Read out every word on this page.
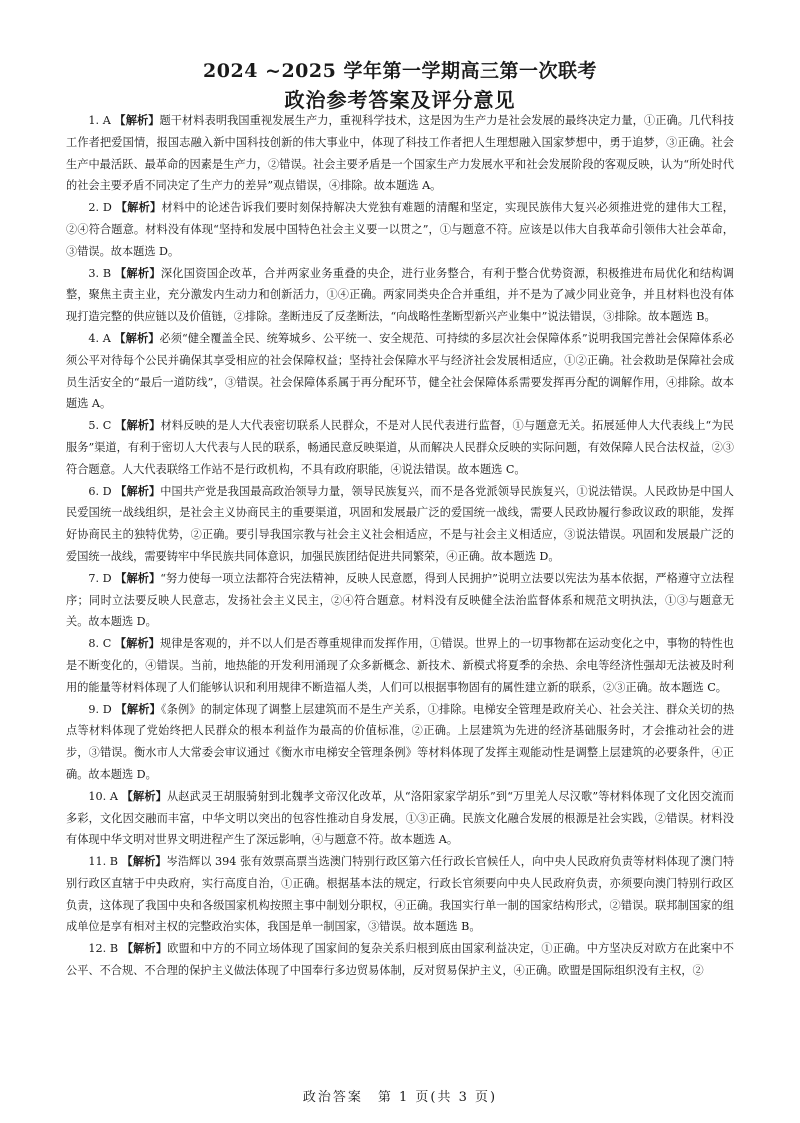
2024 ~2025 学年第一学期高三第一次联考
政治参考答案及评分意见

1. A 【解析】题干材料表明我国重视发展生产力，重视科学技术，这是因为生产力是社会发展的最终决定力量，①正确。几代科技工作者把爱国情，报国志融入新中国科技创新的伟大事业中，体现了科技工作者把人生理想融入国家梦想中，勇于追梦，③正确。社会生产中最活跃、最革命的因素是生产力，②错误。社会主要矛盾是一个国家生产力发展水平和社会发展阶段的客观反映，认为“所处时代的社会主要矛盾不同决定了生产力的差异”观点错误，④排除。故本题选 A。

2. D 【解析】材料中的论述告诉我们要时刻保持解决大党独有难题的清醒和坚定，实现民族伟大复兴必须推进党的建伟大工程，②④符合题意。材料没有体现“坚持和发展中国特色社会主义要一以贯之”，①与题意不符。应该是以伟大自我革命引领伟大社会革命，③错误。故本题选 D。

3. B 【解析】深化国资国企改革，合并两家业务重叠的央企，进行业务整合，有利于整合优势资源，积极推进布局优化和结构调整，聚焦主责主业，充分激发内生动力和创新活力，①④正确。两家同类央企合并重组，并不是为了减少同业竞争，并且材料也没有体现打造完整的供应链以及价值链，②排除。垄断违反了反垄断法，“向战略性垄断型新兴产业集中”说法错误，③排除。故本题选 B。

4. A 【解析】必须“健全覆盖全民、统筹城乡、公平统一、安全规范、可持续的多层次社会保障体系”说明我国完善社会保障体系必须公平对待每个公民并确保其享受相应的社会保障权益；坚持社会保障水平与经济社会发展相适应，①②正确。社会救助是保障社会成员生活安全的“最后一道防线”，③错误。社会保障体系属于再分配环节，健全社会保障体系需要发挥再分配的调解作用，④排除。故本题选 A。

5. C 【解析】材料反映的是人大代表密切联系人民群众，不是对人民代表进行监督，①与题意无关。拓展延伸人大代表线上“为民服务”渠道，有利于密切人大代表与人民的联系，畅通民意反映渠道，从而解决人民群众反映的实际问题，有效保障人民合法权益，②③符合题意。人大代表联络工作站不是行政机构，不具有政府职能，④说法错误。故本题选 C。

6. D 【解析】中国共产党是我国最高政治领导力量，领导民族复兴，而不是各党派领导民族复兴，①说法错误。人民政协是中国人民爱国统一战线组织，是社会主义协商民主的重要渠道，巩固和发展最广泛的爱国统一战线，需要人民政协履行参政议政的职能，发挥好协商民主的独特优势，②正确。要引导我国宗教与社会主义社会相适应，不是与社会主义相适应，③说法错误。巩固和发展最广泛的爱国统一战线，需要铸牢中华民族共同体意识，加强民族团结促进共同繁荣，④正确。故本题选 D。

7. D 【解析】“努力使每一项立法都符合宪法精神，反映人民意愿，得到人民拥护”说明立法要以宪法为基本依据，严格遵守立法程序；同时立法要反映人民意志，发扬社会主义民主，②④符合题意。材料没有反映健全法治监督体系和规范文明执法，①③与题意无关。故本题选 D。

8. C 【解析】规律是客观的，并不以人们是否尊重规律而发挥作用，①错误。世界上的一切事物都在运动变化之中，事物的特性也是不断变化的，④错误。当前，地热能的开发利用涌现了众多新概念、新技术、新模式将夏季的余热、余电等经济性强却无法被及时利用的能量等材料体现了人们能够认识和利用规律不断造福人类，人们可以根据事物固有的属性建立新的联系，②③正确。故本题选 C。

9. D 【解析】《条例》的制定体现了调整上层建筑而不是生产关系，①排除。电梯安全管理是政府关心、社会关注、群众关切的热点等材料体现了党始终把人民群众的根本利益作为最高的价值标准，②正确。上层建筑为先进的经济基础服务时，才会推动社会的进步，③错误。衡水市人大常委会审议通过《衡水市电梯安全管理条例》等材料体现了发挥主观能动性是调整上层建筑的必要条件，④正确。故本题选 D。

10. A 【解析】从赵武灵王胡服骑射到北魏孝文帝汉化改革，从“洛阳家家学胡乐”到“万里羌人尽汉歌”等材料体现了文化因交流而多彩，文化因交融而丰富，中华文明以突出的包容性推动自身发展，①③正确。民族文化融合发展的根源是社会实践，②错误。材料没有体现中华文明对世界文明进程产生了深远影响，④与题意不符。故本题选 A。

11. B 【解析】岑浩辉以 394 张有效票高票当选澳门特别行政区第六任行政长官候任人，向中央人民政府负责等材料体现了澳门特别行政区直辖于中央政府，实行高度自治，①正确。根据基本法的规定，行政长官须要向中央人民政府负责，亦须要向澳门特别行政区负责，这体现了我国中央和各级国家机构按照主事中制划分职权，④正确。我国实行单一制的国家结构形式，②错误。联邦制国家的组成单位是享有相对主权的完整政治实体，我国是单一制国家，③错误。故本题选 B。

12. B 【解析】欧盟和中方的不同立场体现了国家间的复杂关系归根到底由国家利益决定，①正确。中方坚决反对欧方在此案中不公平、不合规、不合理的保护主义做法体现了中国奉行多边贸易体制，反对贸易保护主义，④正确。欧盟是国际组织没有主权，②

政治答案　第 1 页(共 3 页)
